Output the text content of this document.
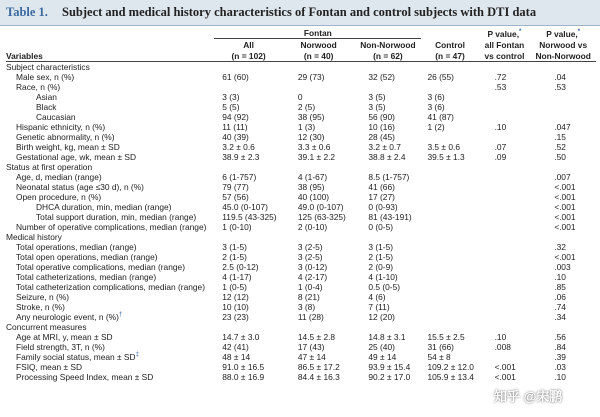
Table 1. Subject and medical history characteristics of Fontan and control subjects with DTI data
	Fontan				P value,*	P value,*
	All	Norwood	Non-Norwood	Control	all Fontan	Norwood vs
Variables	(n = 102)	(n = 40)	(n = 62)	(n = 47)	vs control	Non-Norwood
Subject characteristics						
Male sex, n (%)	61 (60)	29 (73)	32 (52)	26 (55)	.72	.04
Race, n (%)					.53	.53
Asian	3 (3)	0	3 (5)	3 (6)		
Black	5 (5)	2 (5)	3 (5)	3 (6)		
Caucasian	94 (92)	38 (95)	56 (90)	41 (87)		
Hispanic ethnicity, n (%)	11 (11)	1 (3)	10 (16)	1 (2)	.10	.047
Genetic abnormality, n (%)	40 (39)	12 (30)	28 (45)			.15
Birth weight, kg, mean ± SD	3.2 ± 0.6	3.3 ± 0.6	3.2 ± 0.7	3.5 ± 0.6	.07	.52
Gestational age, wk, mean ± SD	38.9 ± 2.3	39.1 ± 2.2	38.8 ± 2.4	39.5 ± 1.3	.09	.50
Status at first operation						
Age, d, median (range)	6 (1-757)	4 (1-67)	8.5 (1-757)			.007
Neonatal status (age ≤30 d), n (%)	79 (77)	38 (95)	41 (66)			<.001
Open procedure, n (%)	57 (56)	40 (100)	17 (27)			<.001
DHCA duration, min, median (range)	45.0 (0-107)	49.0 (0-107)	0 (0-93)			<.001
Total support duration, min, median (range)	119.5 (43-325)	125 (63-325)	81 (43-191)			<.001
Number of operative complications, median (range)	1 (0-10)	2 (0-10)	0 (0-5)			<.001
Medical history						
Total operations, median (range)	3 (1-5)	3 (2-5)	3 (1-5)			.32
Total open operations, median (range)	2 (1-5)	3 (2-5)	2 (1-5)			<.001
Total operative complications, median (range)	2.5 (0-12)	3 (0-12)	2 (0-9)			.003
Total catheterizations, median (range)	4 (1-17)	4 (2-17)	4 (1-10)			.10
Total catheterization complications, median (range)	1 (0-5)	1 (0-4)	0.5 (0-5)			.85
Seizure, n (%)	12 (12)	8 (21)	4 (6)			.06
Stroke, n (%)	10 (10)	3 (8)	7 (11)			.74
Any neurologic event, n (%)†	23 (23)	11 (28)	12 (20)			.34
Concurrent measures						
Age at MRI, y, mean ± SD	14.7 ± 3.0	14.5 ± 2.8	14.8 ± 3.1	15.5 ± 2.5	.10	.56
Field strength, 3T, n (%)	42 (41)	17 (43)	25 (40)	31 (66)	.008	.84
Family social status, mean ± SD‡	48 ± 14	47 ± 14	49 ± 14	54 ± 8		.39
FSIQ, mean ± SD	91.0 ± 16.5	86.5 ± 17.2	93.9 ± 15.4	109.2 ± 12.0	<.001	.03
Processing Speed Index, mean ± SD	88.0 ± 16.9	84.4 ± 16.3	90.2 ± 17.0	105.9 ± 13.4	<.001	.10
知乎 @宋鹏
